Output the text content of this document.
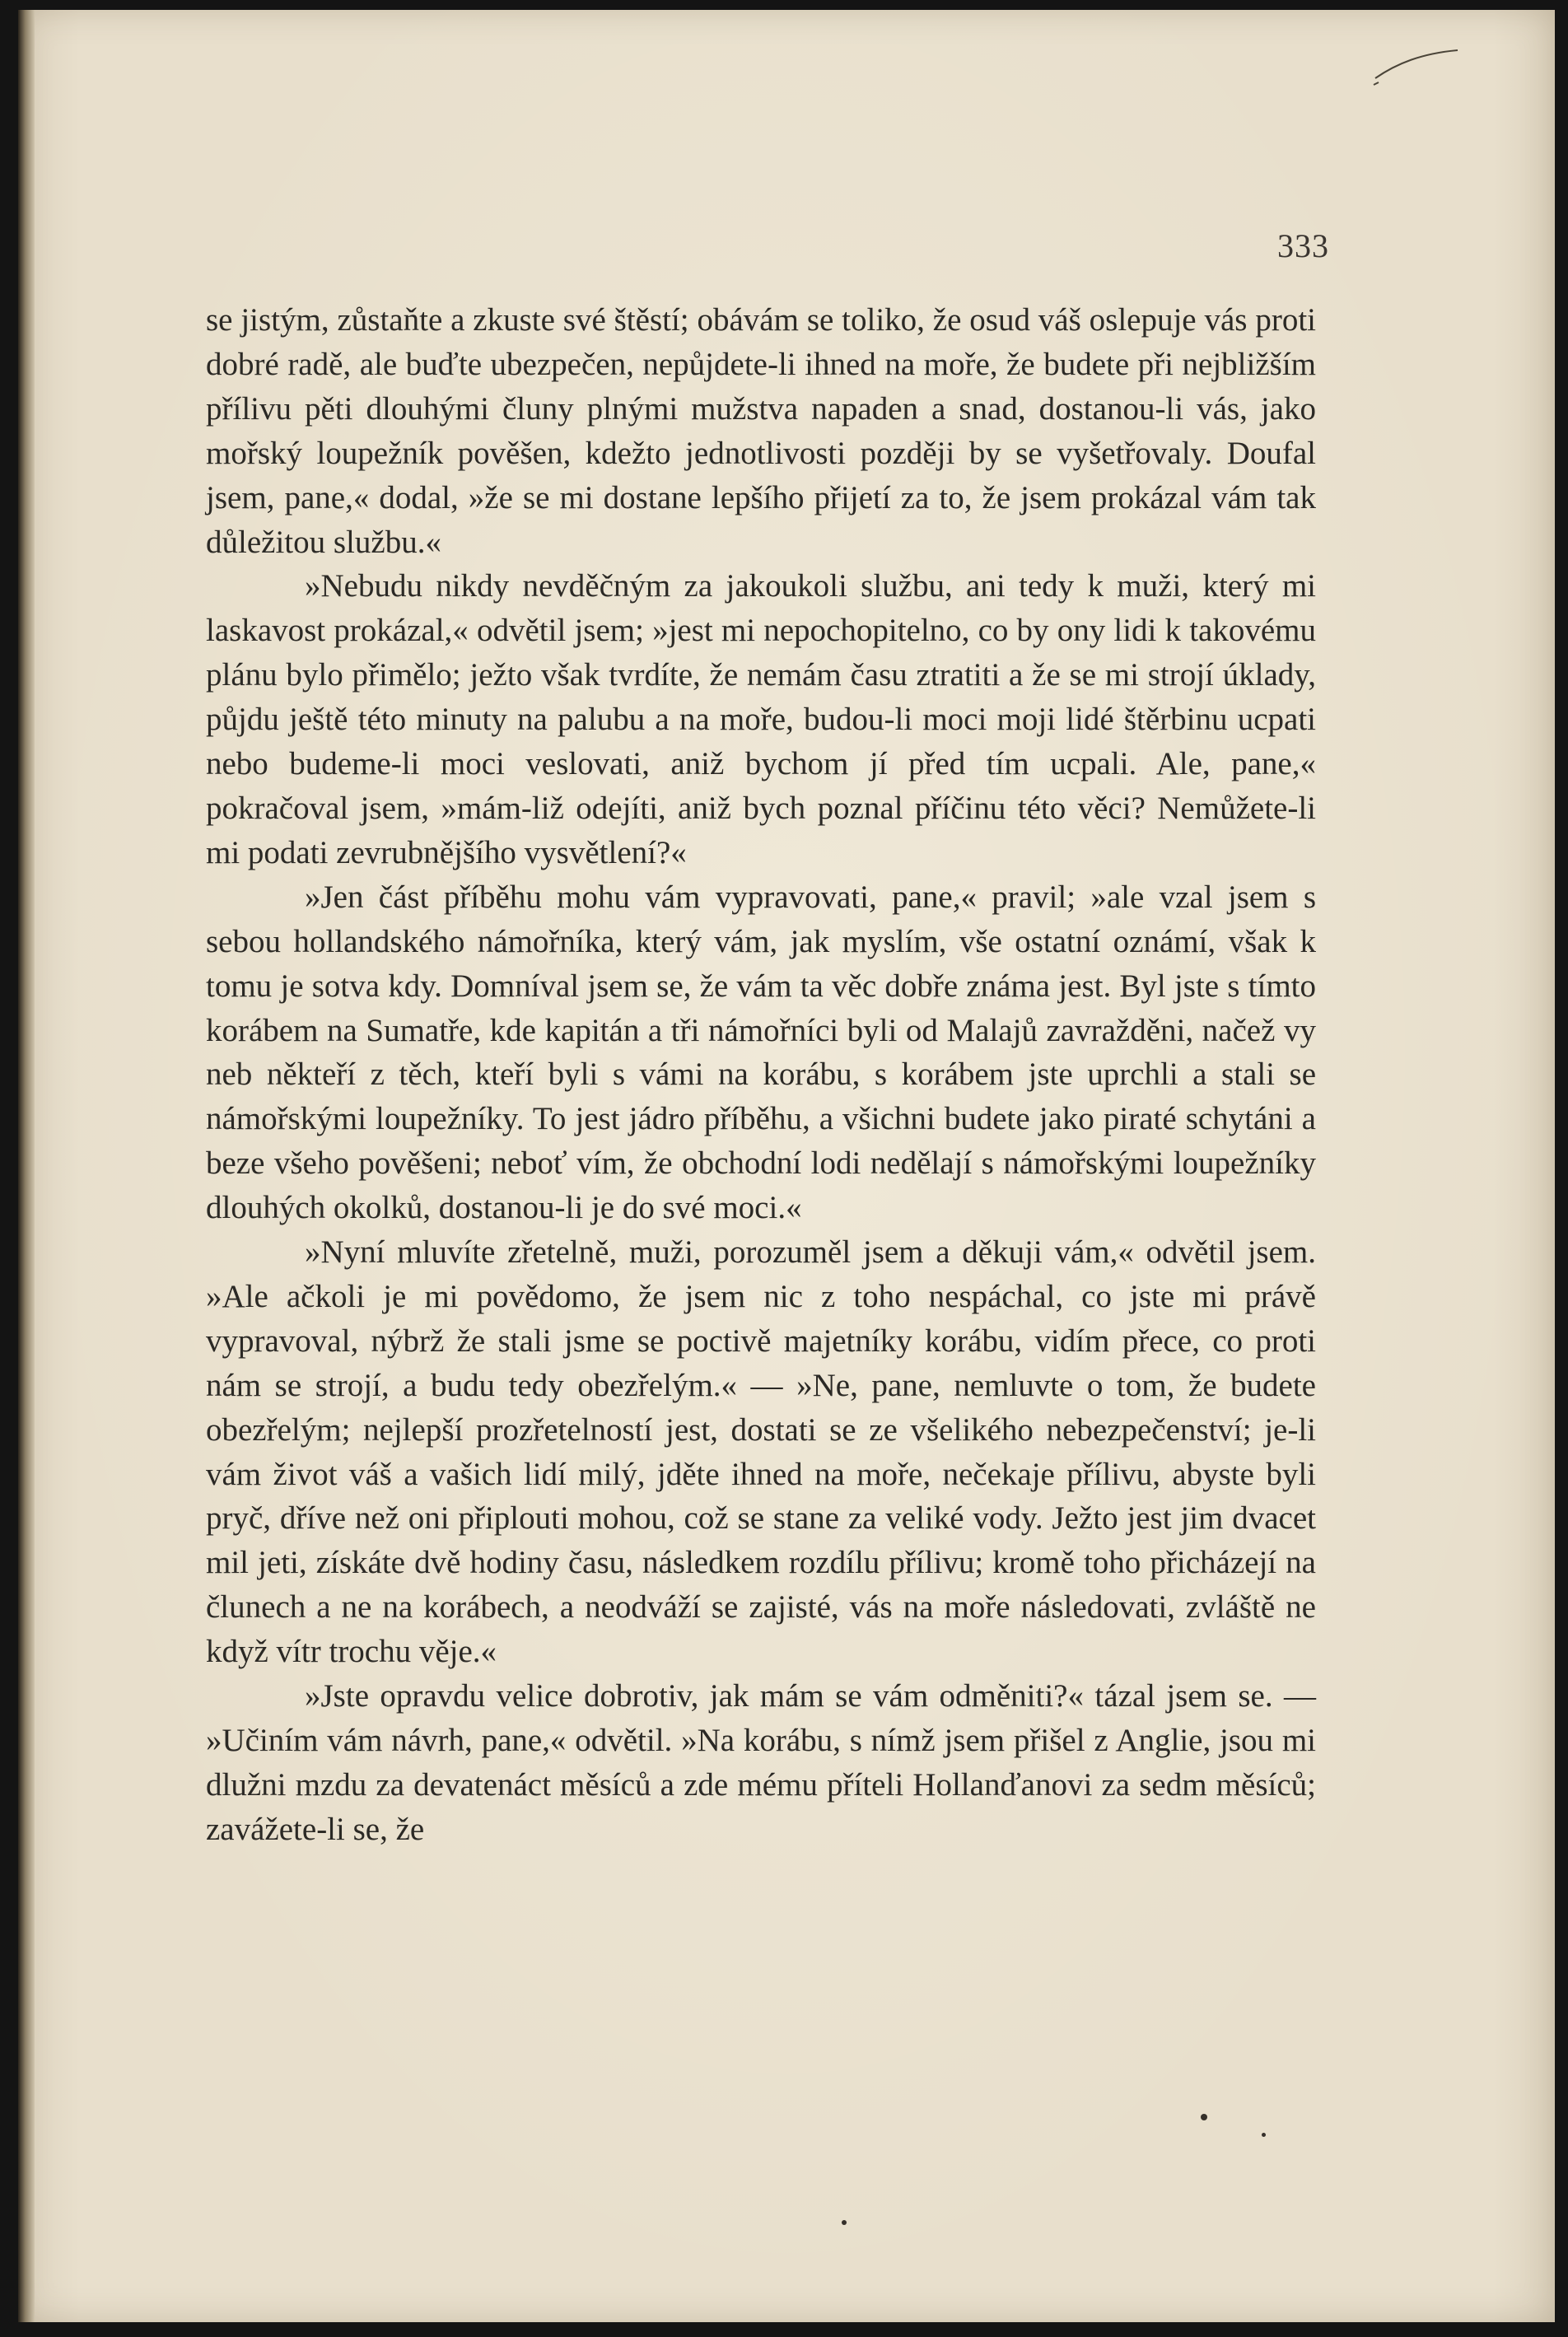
333

se jistým, zůstaňte a zkuste své štěstí; obávám se toliko, že osud váš oslepuje vás proti dobré radě, ale buďte ubezpečen, nepůjdete-li ihned na moře, že budete při nejbližším přílivu pěti dlouhými čluny plnými mužstva napaden a snad, dostanou-li vás, jako mořský loupežník pověšen, kdežto jednotlivosti později by se vyšetřovaly. Doufal jsem, pane,« dodal, »že se mi dostane lepšího přijetí za to, že jsem prokázal vám tak důležitou službu.«

»Nebudu nikdy nevděčným za jakoukoli službu, ani tedy k muži, který mi laskavost prokázal,« odvětil jsem; »jest mi nepochopitelno, co by ony lidi k takovému plánu bylo přimělo; ježto však tvrdíte, že nemám času ztratiti a že se mi strojí úklady, půjdu ještě této minuty na palubu a na moře, budou-li moci moji lidé štěrbinu ucpati nebo budeme-li moci veslovati, aniž bychom jí před tím ucpali. Ale, pane,« pokračoval jsem, »mám-liž odejíti, aniž bych poznal příčinu této věci? Nemůžete-li mi podati zevrubnějšího vysvětlení?«

»Jen část příběhu mohu vám vypravovati, pane,« pravil; »ale vzal jsem s sebou hollandského námořníka, který vám, jak myslím, vše ostatní oznámí, však k tomu je sotva kdy. Domníval jsem se, že vám ta věc dobře známa jest. Byl jste s tímto korábem na Sumatře, kde kapitán a tři námořníci byli od Malajů zavražděni, načež vy neb někteří z těch, kteří byli s vámi na korábu, s korábem jste uprchli a stali se námořskými loupežníky. To jest jádro příběhu, a všichni budete jako piraté schytáni a beze všeho pověšeni; neboť vím, že obchodní lodi nedělají s námořskými loupežníky dlouhých okolků, dostanou-li je do své moci.«

»Nyní mluvíte zřetelně, muži, porozuměl jsem a děkuji vám,« odvětil jsem. »Ale ačkoli je mi povědomo, že jsem nic z toho nespáchal, co jste mi právě vypravoval, nýbrž že stali jsme se poctivě majetníky korábu, vidím přece, co proti nám se strojí, a budu tedy obezřelým.« — »Ne, pane, nemluvte o tom, že budete obezřelým; nejlepší prozřetelností jest, dostati se ze všelikého nebezpečenství; je-li vám život váš a vašich lidí milý, jděte ihned na moře, nečekaje přílivu, abyste byli pryč, dříve než oni připlouti mohou, což se stane za veliké vody. Ježto jest jim dvacet mil jeti, získáte dvě hodiny času, následkem rozdílu přílivu; kromě toho přicházejí na člunech a ne na korábech, a neodváží se zajisté, vás na moře následovati, zvláště ne když vítr trochu věje.«

»Jste opravdu velice dobrotiv, jak mám se vám odměniti?« tázal jsem se. — »Učiním vám návrh, pane,« odvětil. »Na korábu, s nímž jsem přišel z Anglie, jsou mi dlužni mzdu za devatenáct měsíců a zde mému příteli Hollanďanovi za sedm měsíců; zavážete-li se, že
